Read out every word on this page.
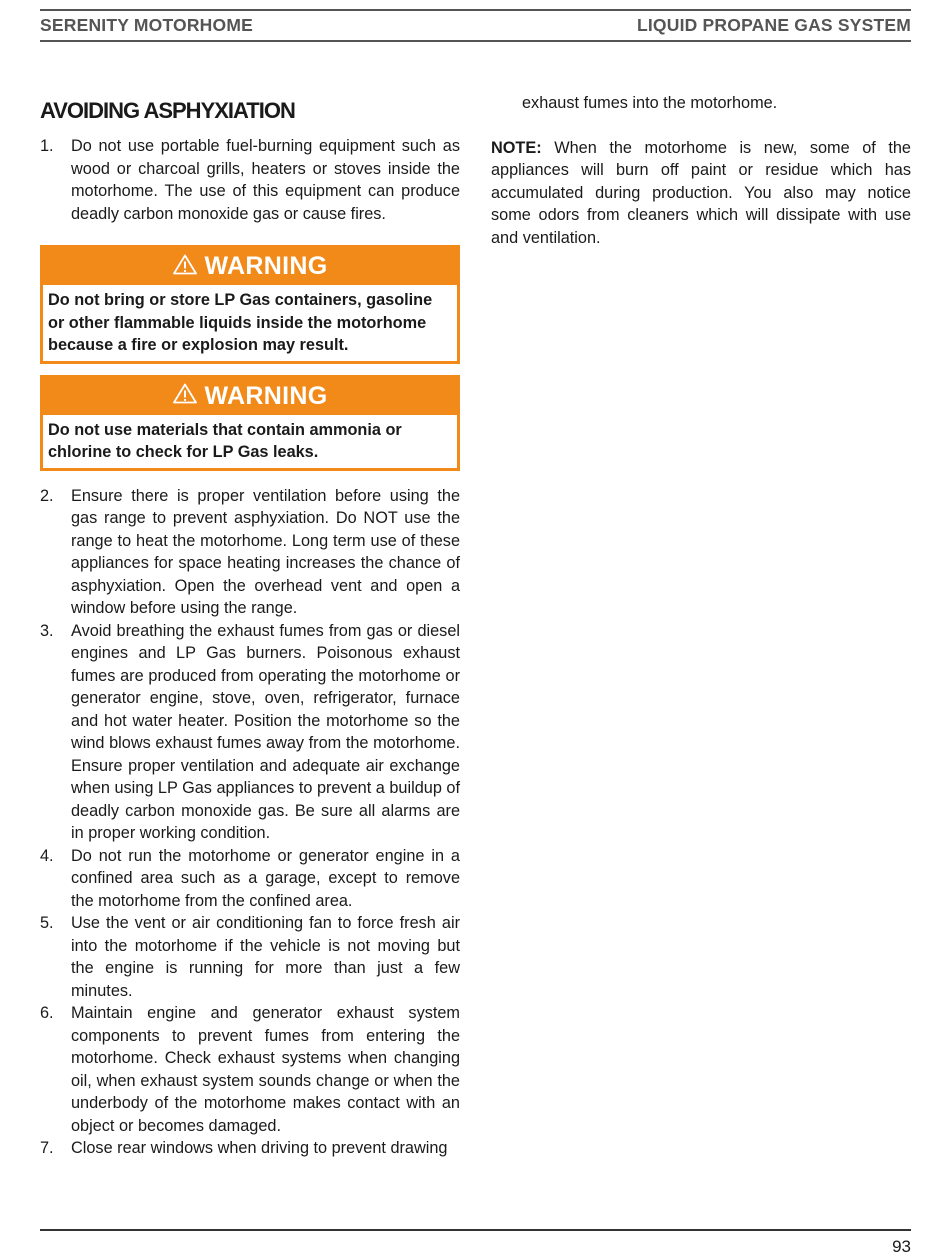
SERENITY MOTORHOME	LIQUID PROPANE GAS SYSTEM
AVOIDING ASPHYXIATION
1. Do not use portable fuel-burning equipment such as wood or charcoal grills, heaters or stoves inside the motorhome. The use of this equipment can produce deadly carbon monoxide gas or cause fires.
WARNING
Do not bring or store LP Gas containers, gasoline or other flammable liquids inside the motorhome because a fire or explosion may result.
WARNING
Do not use materials that contain ammonia or chlorine to check for LP Gas leaks.
2. Ensure there is proper ventilation before using the gas range to prevent asphyxiation. Do NOT use the range to heat the motorhome. Long term use of these appliances for space heating increases the chance of asphyxiation. Open the overhead vent and open a window before using the range.
3. Avoid breathing the exhaust fumes from gas or diesel engines and LP Gas burners. Poisonous exhaust fumes are produced from operating the motorhome or generator engine, stove, oven, refrigerator, furnace and hot water heater. Position the motorhome so the wind blows exhaust fumes away from the motorhome. Ensure proper ventilation and adequate air exchange when using LP Gas appliances to prevent a buildup of deadly carbon monoxide gas. Be sure all alarms are in proper working condition.
4. Do not run the motorhome or generator engine in a confined area such as a garage, except to remove the motorhome from the confined area.
5. Use the vent or air conditioning fan to force fresh air into the motorhome if the vehicle is not moving but the engine is running for more than just a few minutes.
6. Maintain engine and generator exhaust system components to prevent fumes from entering the motorhome. Check exhaust systems when changing oil, when exhaust system sounds change or when the underbody of the motorhome makes contact with an object or becomes damaged.
7. Close rear windows when driving to prevent drawing
exhaust fumes into the motorhome.
NOTE: When the motorhome is new, some of the appliances will burn off paint or residue which has accumulated during production. You also may notice some odors from cleaners which will dissipate with use and ventilation.
93
